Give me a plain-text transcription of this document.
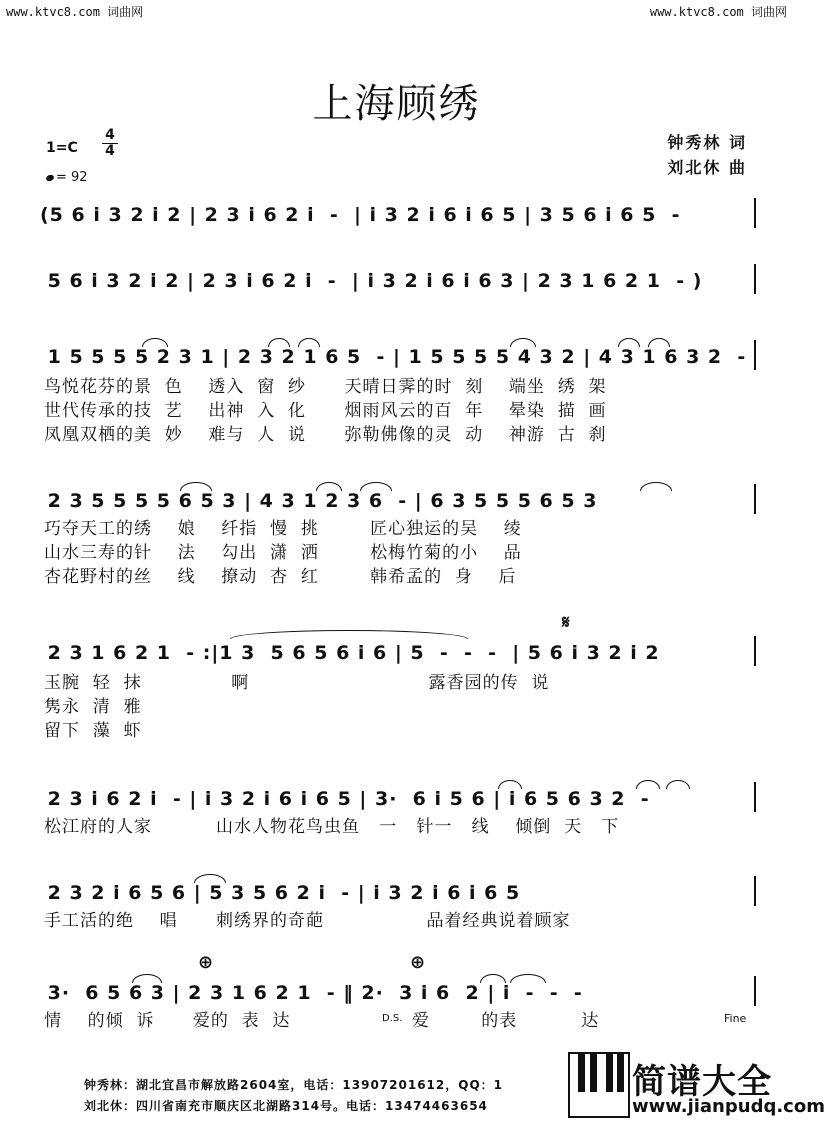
www.ktvc8.com 词曲网	www.ktvc8.com 词曲网
上海顾绣
1=C
4
4
= 92
钟秀林 词
刘北休 曲
(5 6 i 3 2 i 2 | 2 3 i 6 2 i  -  | i 3 2 i 6 i 6 5 | 3 5 6 i 6 5  -
5 6 i 3 2 i 2 | 2 3 i 6 2 i  -  | i 3 2 i 6 i 6 3 | 2 3 1 6 2 1  - )
1 5 5 5 5 2 3 1 | 2 3 2 1 6 5  - | 1 5 5 5 5 4 3 2 | 4 3 1 6 3 2  -
鸟悦花芬的景  色    透入  窗  纱      天晴日霁的时  刻    端坐  绣  架
世代传承的技  艺    出神  入  化      烟雨风云的百  年    晕染  描  画
凤凰双栖的美  妙    难与  人  说      弥勒佛像的灵  动    神游  古  刹
2 3 5 5 5 5 6 5 3 | 4 3 1 2 3 6  - | 6 3 5 5 5 6 5 3
巧夺天工的绣    娘    纤指  慢  挑        匠心独运的吴    绫
山水三寿的针    法    勾出  潇  洒        松梅竹菊的小    品
杏花野村的丝    线    撩动  杏  红        韩希孟的  身    后
𝄋
2 3 1 6 2 1  - :|1 3  5 6 5 6 i 6 | 5  -  -  -  | 5 6 i 3 2 i 2
玉腕  轻  抹              啊                            露香园的传  说
隽永  清  雅
留下  藻  虾
2 3 i 6 2 i  - | i 3 2 i 6 i 6 5 | 3·  6 i 5 6 | i 6 5 6 3 2  -
松江府的人家          山水人物花鸟虫鱼   一   针一   线    倾倒  天   下
2 3 2 i 6 5 6 | 5 3 5 6 2 i  - | i 3 2 i 6 i 6 5
手工活的绝    唱      刺绣界的奇葩                品着经典说着顾家
⊕	⊕
3·  6 5 6 3 | 2 3 1 6 2 1  - ‖ 2·  3 i 6  2 | i  -  -  -
情    的倾  诉      爱的  表  达	D.S. 爱        的表          达	Fine
钟秀林：湖北宜昌市解放路2604室，电话：13907201612，QQ：1
刘北休：四川省南充市顺庆区北湖路314号。电话：13474463654
简谱大全
www.jianpudq.com
